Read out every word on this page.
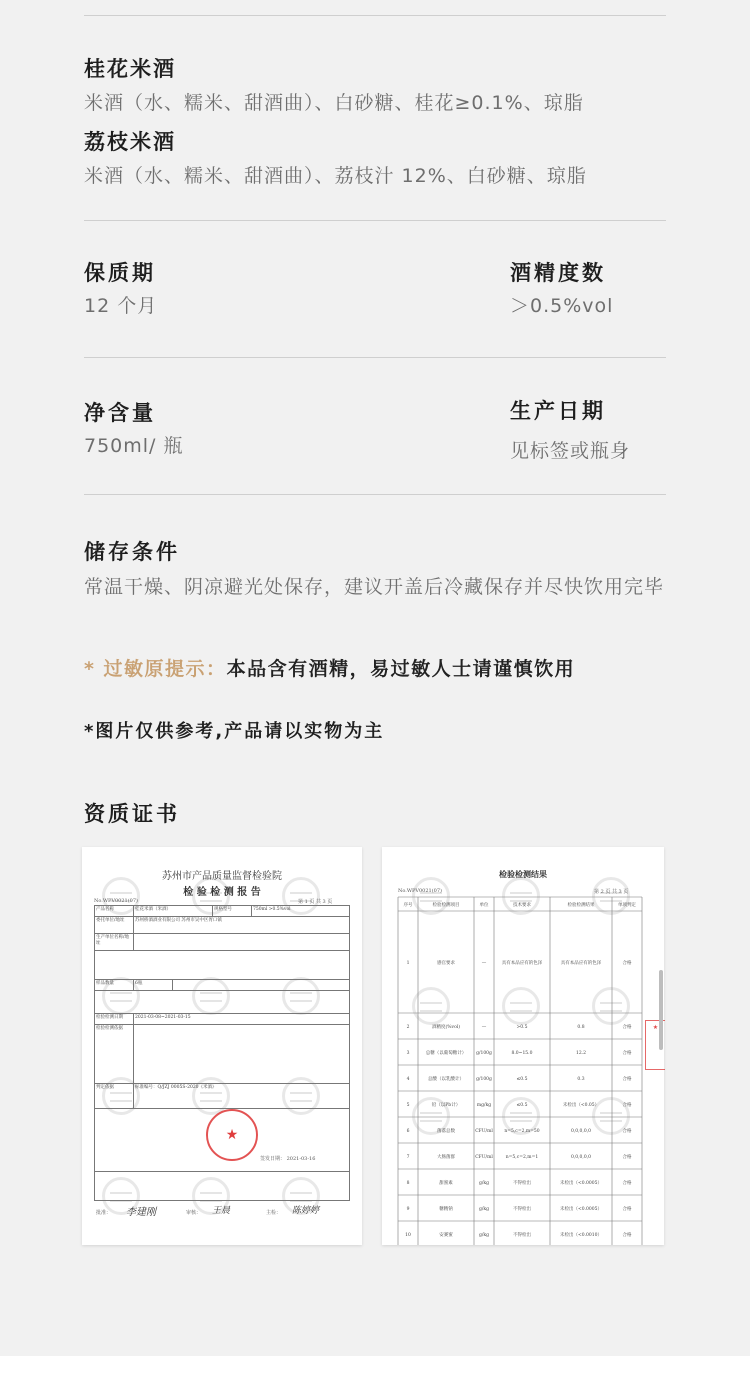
桂花米酒
米酒（水、糯米、甜酒曲）、白砂糖、桂花≥0.1%、琼脂
荔枝米酒
米酒（水、糯米、甜酒曲）、荔枝汁 12%、白砂糖、琼脂
保质期
12 个月
酒精度数
＞0.5%vol
净含量
750ml/ 瓶
生产日期
见标签或瓶身
储存条件
常温干燥、阴凉避光处保存，建议开盖后冷藏保存并尽快饮用完毕
* 过敏原提示：本品含有酒精，易过敏人士请谨慎饮用
*图片仅供参考,产品请以实物为主
资质证书
苏州市产品质量监督检验院
检 验 检 测 报 告
No.WPV0021(07)	第 1 页 共 3 页
产品名称	桂花米酒（米酒）	规格型号	750ml >0.5%vol
委托单位/地址	苏州桥酒酒业有限公司 苏州市吴中区胥口镇
生产单位名称/地址
样品数量	6瓶
检验检测日期	2021-03-08~2021-03-15
检验检测依据
判定依据	标准编号：Q/JZJ 0005S-2020《米酒》
★
签发日期： 2021-03-16
批准： 李建刚	审核： 王晨	主检： 陈婷婷
检验检测结果
No.WPV0021(07)	第 2 页 共 3 页
序号	检验检测项目	单位	技术要求	检验检测结果	单项判定
1	感官要求	—	具有本品应有的色泽	具有本品应有的色泽	合格
2	酒精度(%vol)	—	>0.5	0.8	合格
3	总糖（以葡萄糖计） g/100g	8.0~15.0	12.2	合格
4	总酸（以乳酸计）	g/100g	≤0.5	0.3	合格
5	铅（以Pb计）	mg/kg	≤0.5	未检出（<0.05）	合格
6	菌落总数	CFU/ml	n=5,c=2,m=50	0,0,0,0,0	合格
7	大肠菌群	CFU/ml	n=5,c=2,m=1	0,0,0,0,0	合格
8	甜蜜素	g/kg	不得检出	未检出（<0.0005）	合格
9	糖精钠	g/kg	不得检出	未检出（<0.0005）	合格
10	安赛蜜	g/kg	不得检出	未检出（<0.0010）	合格
★
